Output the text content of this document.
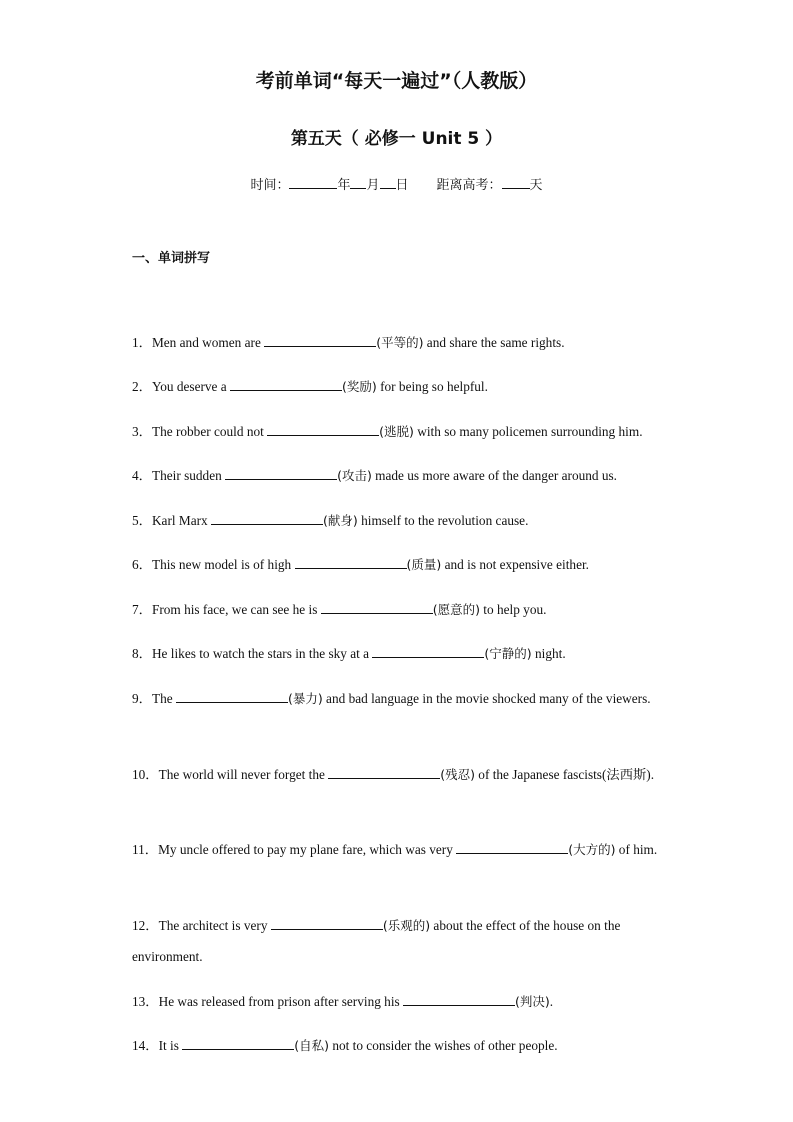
考前单词“每天一遍过”（人教版）
第五天（ 必修一 Unit 5 ）
时间：	年 月 日 距离高考： 天
一、单词拼写
1．Men and women are	(平等的) and share the same rights.
2．You deserve a	(奖励) for being so helpful.
3．The robber could not	(逃脱) with so many policemen surrounding him.
4．Their sudden	(攻击) made us more aware of the danger around us.
5．Karl Marx	(献身) himself to the revolution cause.
6．This new model is of high	(质量) and is not expensive either.
7．From his face, we can see he is	(愿意的) to help you.
8．He likes to watch the stars in the sky at a	(宁静的) night.
9．The	(暴力) and bad language in the movie shocked many of the viewers.
10．The world will never forget the	(残忍) of the Japanese fascists(法西斯).
11．My uncle offered to pay my plane fare, which was very	(大方的) of him.
12．The architect is very	(乐观的) about the effect of the house on the environment.
13．He was released from prison after serving his	(判决).
14．It is	(自私) not to consider the wishes of other people.
